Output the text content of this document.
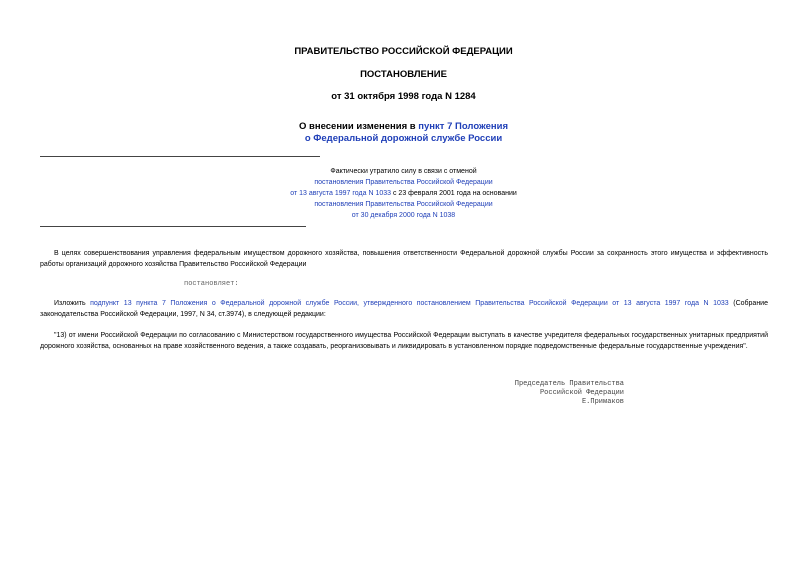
ПРАВИТЕЛЬСТВО РОССИЙСКОЙ ФЕДЕРАЦИИ
ПОСТАНОВЛЕНИЕ
от 31 октября 1998 года N 1284
О внесении изменения в пункт 7 Положения
о Федеральной дорожной службе России
Фактически утратило силу в связи с отменой
постановления Правительства Российской Федерации
от 13 августа 1997 года N 1033 с 23 февраля 2001 года на основании
постановления Правительства Российской Федерации
от 30 декабря 2000 года N 1038
В целях совершенствования управления федеральным имуществом дорожного хозяйства, повышения ответственности Федеральной дорожной службы России за сохранность этого имущества и эффективность работы организаций дорожного хозяйства Правительство Российской Федерации
постановляет:
Изложить подпункт 13 пункта 7 Положения о Федеральной дорожной службе России, утвержденного постановлением Правительства Российской Федерации от 13 августа 1997 года N 1033 (Собрание законодательства Российской Федерации, 1997, N 34, ст.3974), в следующей редакции:
"13) от имени Российской Федерации по согласованию с Министерством государственного имущества Российской Федерации выступать в качестве учредителя федеральных государственных унитарных предприятий дорожного хозяйства, основанных на праве хозяйственного ведения, а также создавать, реорганизовывать и ликвидировать в установленном порядке подведомственные федеральные государственные учреждения".
Председатель Правительства
Российской Федерации
Е.Примаков
